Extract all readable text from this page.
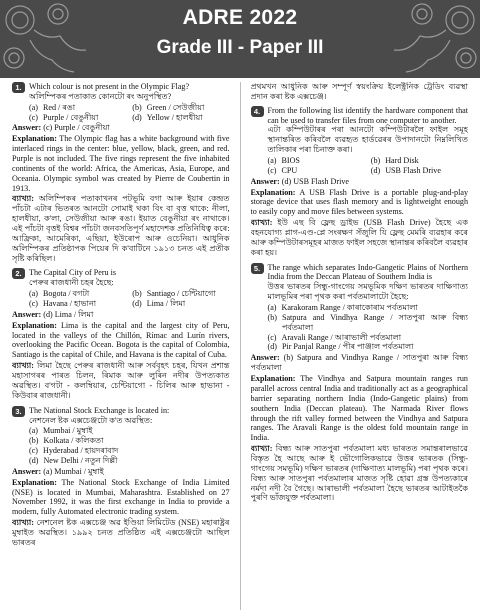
ADRE 2022
Grade III - Paper III
1. Which colour is not present in the Olympic Flag?
অলিম্পিকৰ পতাকাত কোনটো ৰং অনুপস্থিত?
(a) Red / ৰঙা	(b) Green / সেউজীয়া
(c) Purple / বেঙুনীয়া	(d) Yellow / হালধীয়া
Answer: (c) Purple / বেঙুনীয়া
Explanation: The Olympic flag has a white background with five interlaced rings in the center: blue, yellow, black, green, and red. Purple is not included. The five rings represent the five inhabited continents of the world: Africa, the Americas, Asia, Europe, and Oceania. Olympic symbol was created by Pierre de Coubertin in 1913.
ব্যাখ্যা: অলিম্পিকৰ পতাকাখনৰ পটভূমি বগা আৰু ইয়াৰ কেন্দ্ৰত পাঁচটা এটাৰ ভিতৰত আনটো সোমাই থকা বিং বা বৃত্ত থাকে: নীলা, হালধীয়া, ক'লা, সেউজীয়া আৰু ৰঙা। ইয়াত বেঙুনীয়া ৰং নাথাকে। এই পাঁচটা বৃত্তই বিশ্বৰ পাঁচটা জনবসতিপূর্ণ মহাদেশক প্রতিনিধিত্ব কৰে: আফ্রিকা, আমেৰিকা, এছিয়া, ইউৰোপ আৰু ওচেনিয়া। আধুনিক অলিম্পিকৰ প্রতিষ্ঠাপক পিয়েৰ দি ক'বাটিনে ১৯১৩ চনত এই প্ৰতীক সৃষ্টি কৰিছিল।
2. The Capital City of Peru is
পেৰুৰ ৰাজধানী চহৰ হৈছে:
(a) Bogota / বগটা	(b) Santiago / চেন্টিয়াগো
(c) Havana / হাভানা	(d) Lima / লিমা
Answer: (d) Lima / লিমা
Explanation: Lima is the capital and the largest city of Peru, located in the valleys of the Chillón, Rímac and Lurín rivers, overlooking the Pacific Ocean. Bogota is the capital of Colombia, Santiago is the capital of Chile, and Havana is the capital of Cuba.
ব্যাখ্যা: লিমা হৈছে পেৰুৰ ৰাজধানী আৰু সৰ্ববৃহৎ চহৰ, যিখন প্ৰশান্ত মহাসাগৰৰ পাৰত চিলন, ৰিমাক আৰু লুৰিন নদীৰ উপত্যকাত অৱস্থিত। ব'গটা - কলম্বিয়াৰ, চেন্টিয়াগো - চিলিৰ আৰু হাভানা - কিউবাৰ ৰাজধানী।
3. The National Stock Exchange is located in:
নেশনেল ষ্টক এক্সচেঞ্জটো ক'ত অৱস্থিত:
(a) Mumbai / মুম্বাই
(b) Kolkata / কলিকতা
(c) Hyderabad / হায়দৰাবাদ
(d) New Delhi / নতুন দিল্লী
Answer: (a) Mumbai / মুম্বাই
Explanation: The National Stock Exchange of India Limited (NSE) is located in Mumbai, Maharashtra. Established on 27 November 1992, it was the first exchange in India to provide a modern, fully Automated electronic trading system.
ব্যাখ্যা: নেশনেল ষ্টক এক্সচেঞ্জ অৱ ইণ্ডিয়া লিমিটেড (NSE) মহাৰাষ্ট্ৰৰ মুম্বাইত অৱস্থিত। ১৯৯২ চনত প্ৰতিষ্ঠিত এই এক্সচেঞ্জটো আছিল ভাৰতৰ
প্ৰথমখন আধুনিক আৰু সম্পূৰ্ণ স্বয়ংক্ৰিয় ইলেক্ট্ৰনিক ট্ৰেডিং ব্যৱস্থা প্ৰদান কৰা ষ্টক এক্সচেঞ্জ।
4. From the following list identify the hardware component that can be used to transfer files from one computer to another.
এটা কম্পিউটাৰৰ পৰা আনটো কম্পিউটাৰলৈ ফাইল সমূহ স্থানান্তৰিত কৰিবলৈ ব্যৱহৃত হাৰ্ডৱেৰৰ উপাদানটো নিম্নলিখিত তালিকাৰ পৰা চিনাক্ত কৰা।
(a) BIOS	(b) Hard Disk
(c) CPU	(d) USB Flash Drive
Answer: (d) USB Flash Drive
Explanation: A USB Flash Drive is a portable plug-and-play storage device that uses flash memory and is lightweight enough to easily copy and move files between systems.
ব্যাখ্যা: ইউ এছ বি ফ্লেছ ড্ৰাইভ (USB Flash Drive) হৈছে এক বহনযোগ্য প্লাগ-এণ্ড-প্লে সংৰক্ষণ সঁজুলি যি ফ্লেছ মেমৰি ব্যৱহাৰ কৰে আৰু কম্পিউটাৰসমূহৰ মাজত ফাইল সহজে স্থানান্তৰ কৰিবলৈ ব্যৱহাৰ কৰা হয়।
5. The range which separates Indo-Gangetic Plains of Northern India from the Deccan Plateau of Southern India is
উত্তৰ ভাৰতৰ সিন্ধু-গাংগেয় সমভূমিক দক্ষিণ ভাৰতৰ দাক্ষিণাত্য মালভূমিৰ পৰা পৃথক কৰা পৰ্বতমালাটো হৈছে:
(a) Karakoram Range / কাৰাকোৰাম পৰ্বতমালা
(b) Satpura and Vindhya Range / সাতপুৰা আৰু বিন্ধ্য পৰ্বতমালা
(c) Aravali Range / আৰাভালী পৰ্বতমালা
(d) Pir Panjal Range / পীৰ পাঞ্জাল পৰ্বতমালা
Answer: (b) Satpura and Vindhya Range / সাতপুৰা আৰু বিন্ধ্য পৰ্বতমালা
Explanation: The Vindhya and Satpura mountain ranges run parallel across central India and traditionally act as a geographical barrier separating northern India (Indo-Gangetic plains) from southern India (Deccan plateau). The Narmada River flows through the rift valley formed between the Vindhya and Satpura ranges. The Aravali Range is the oldest fold mountain range in India.
ব্যাখ্যা: বিন্ধ্য আৰু সাতপুৰা পৰ্বতমালা মধ্য ভাৰতত সমান্তৰালভাৱে বিস্তৃত হৈ আছে আৰু ই ভৌগোলিকভাৱে উত্তৰ ভাৰতক (সিন্ধু-গাংগেয় সমভূমি) দক্ষিণ ভাৰতৰ (দাক্ষিণাত্য মালভূমি) পৰা পৃথক কৰে। বিন্ধ্য আৰু সাতপুৰা পৰ্বতমালাৰ মাজত সৃষ্টি হোৱা গ্ৰস্ত উপত্যকাৰে নৰ্মদা নদী বৈ গৈছে। আৰাভালী পৰ্বতমালা হৈছে ভাৰতৰ আটাইতকৈ পুৰণি ভাঁজযুক্ত পৰ্বতমালা।
